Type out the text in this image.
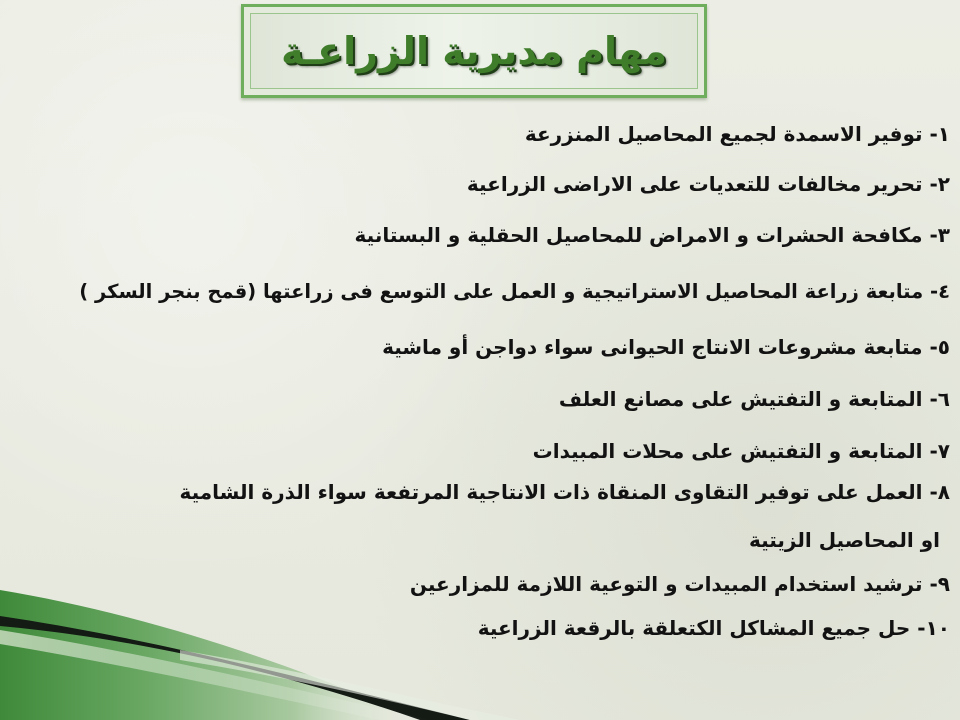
مهام مديرية الزراعـة
١- توفير الاسمدة لجميع المحاصيل المنزرعة
٢- تحرير مخالفات للتعديات على الاراضى الزراعية
٣- مكافحة الحشرات و الامراض للمحاصيل الحقلية و البستانية
٤- متابعة زراعة المحاصيل الاستراتيجية و العمل على التوسع فى زراعتها (قمح بنجر السكر )
٥- متابعة مشروعات الانتاج الحيوانى سواء دواجن أو ماشية
٦- المتابعة و التفتيش على مصانع العلف
٧- المتابعة و التفتيش على محلات المبيدات
٨- العمل على توفير التقاوى المنقاة ذات الانتاجية المرتفعة سواء الذرة الشامية
او المحاصيل الزيتية
٩- ترشيد استخدام المبيدات و التوعية اللازمة للمزارعين
١٠- حل جميع المشاكل الكتعلقة بالرقعة الزراعية
